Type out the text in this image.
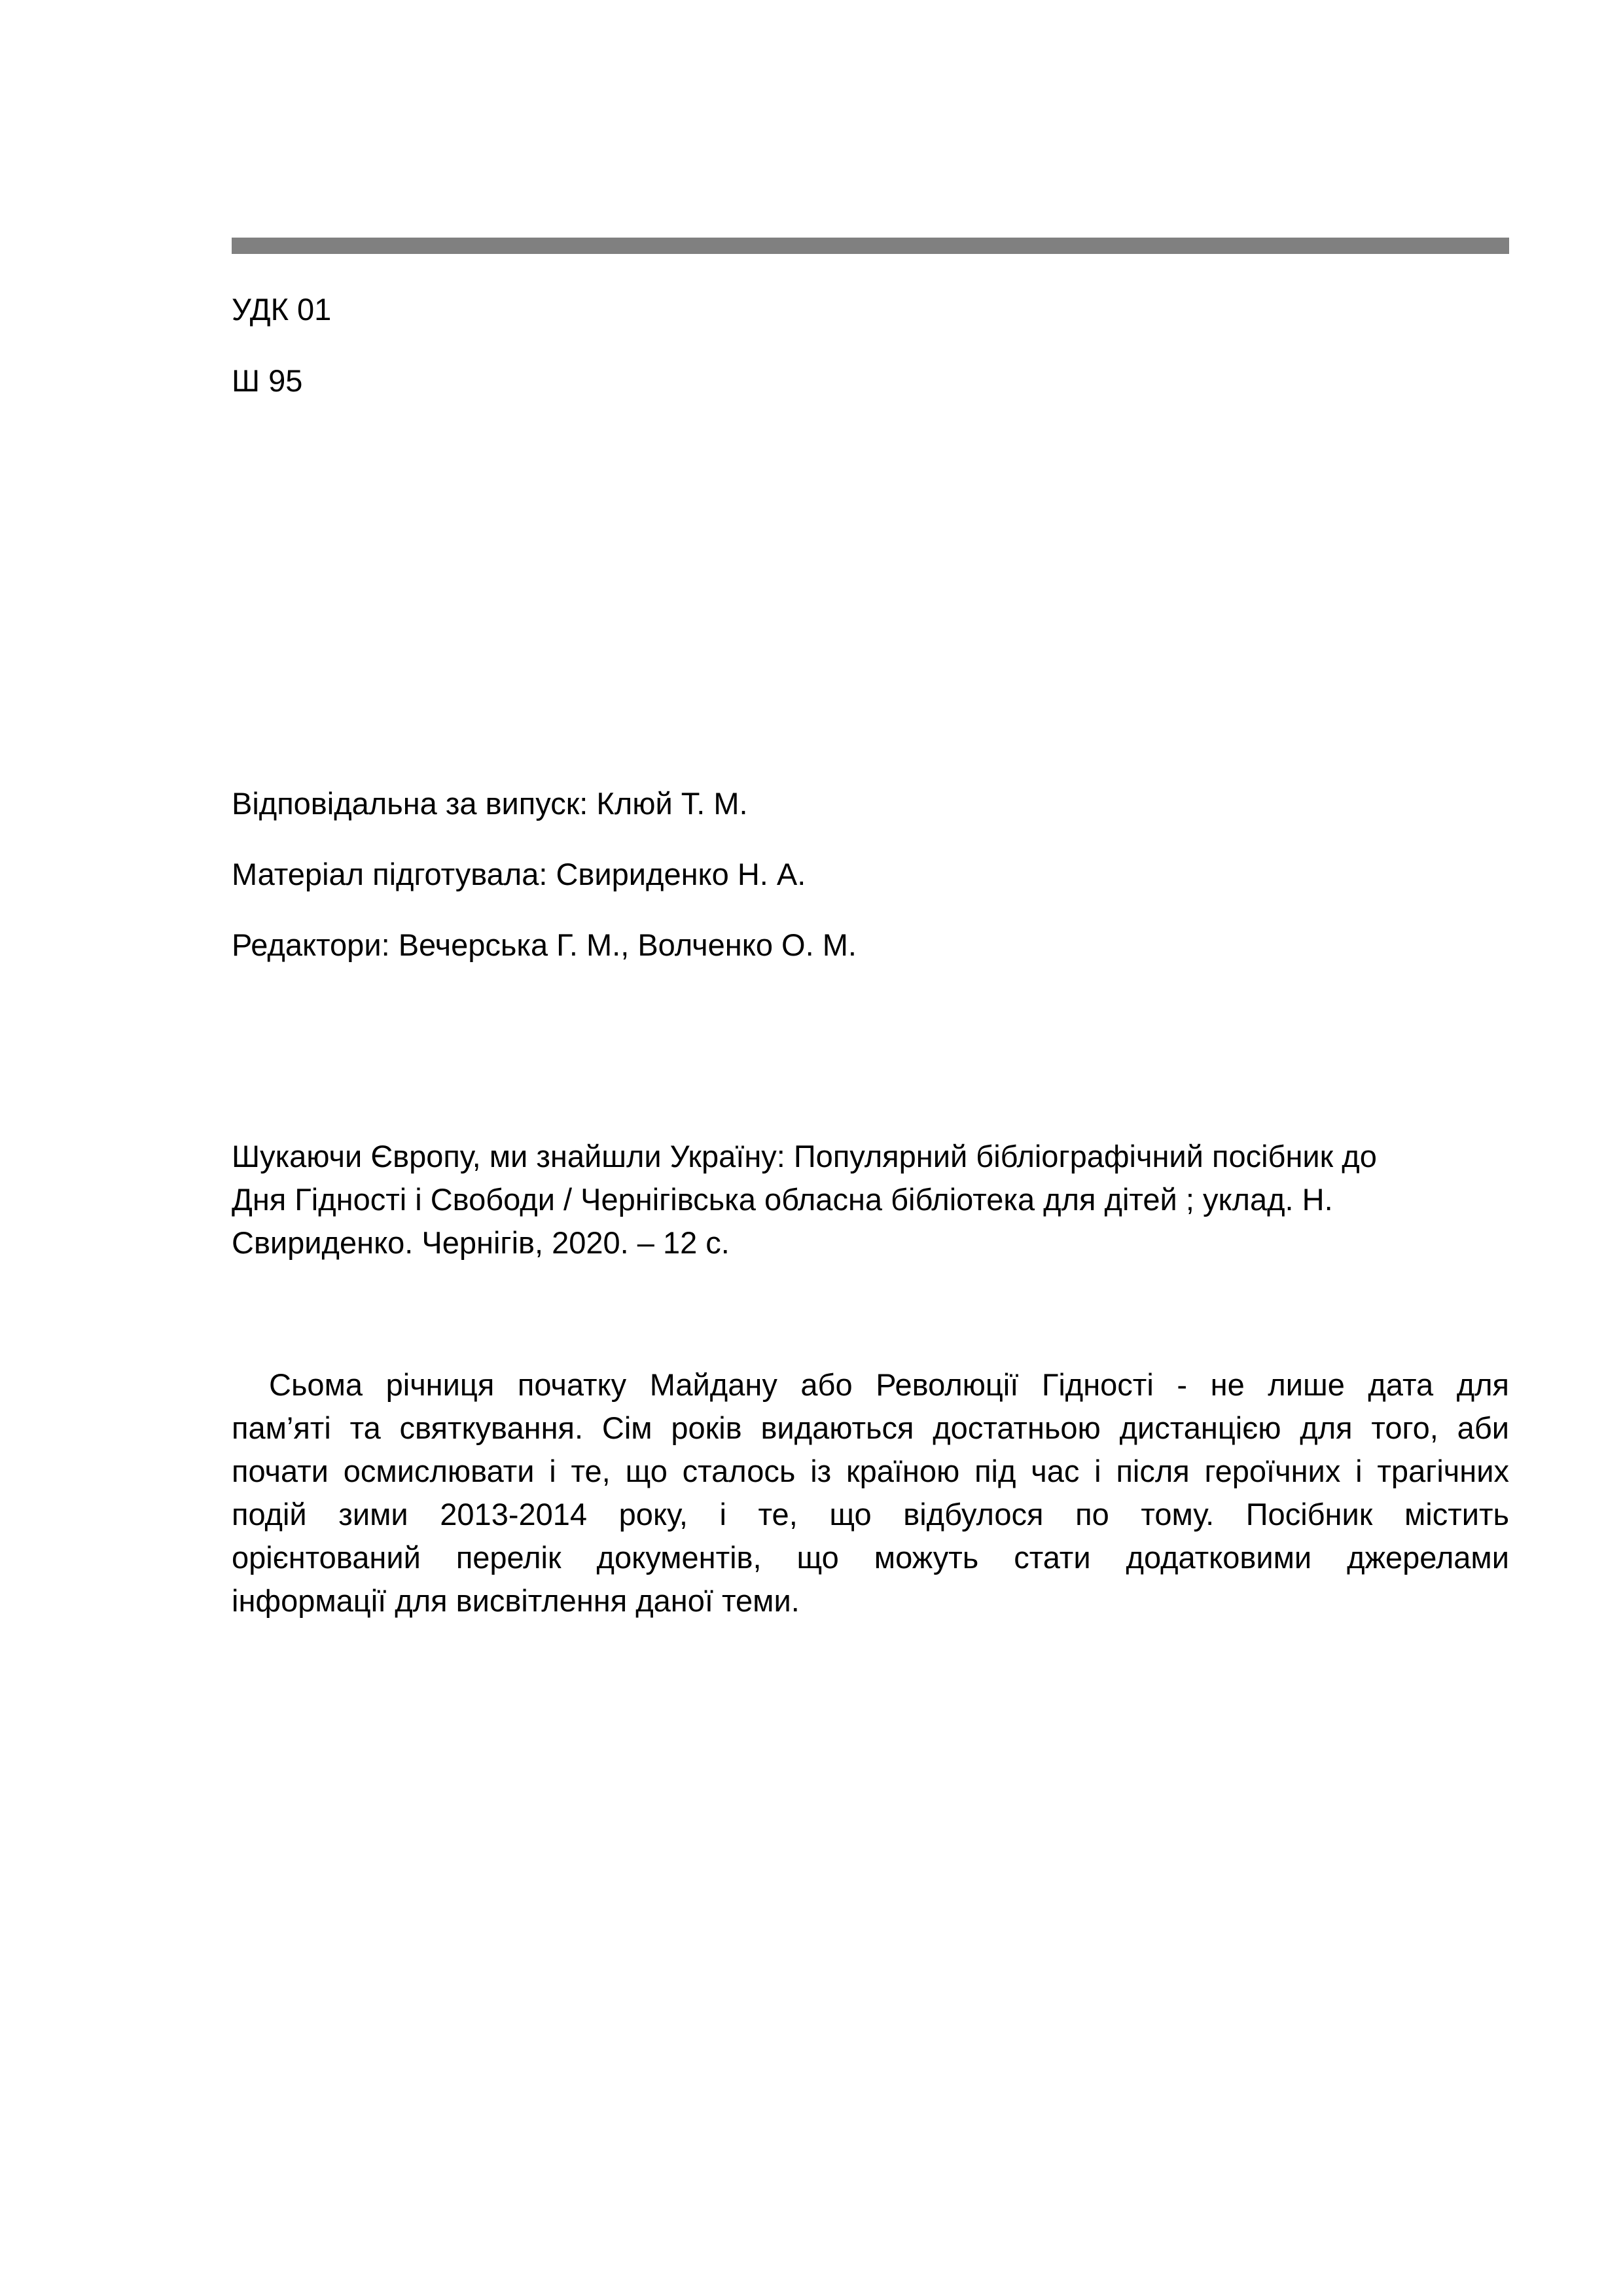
УДК 01
Ш 95
Відповідальна за випуск: Клюй Т. М.
Матеріал підготувала: Свириденко Н. А.
Редактори: Вечерська Г. М., Волченко О. М.
Шукаючи Європу, ми знайшли Україну: Популярний бібліографічний посібник до
Дня Гідності і Свободи / Чернігівська обласна бібліотека для дітей ; уклад. Н.
Свириденко. Чернігів, 2020. – 12 с.
Сьома річниця початку Майдану або Революції Гідності - не лише дата для
пам’яті та святкування. Сім років видаються достатньою дистанцією для того, аби
почати осмислювати і те, що сталось із країною під час і після героїчних і трагічних
подій зими 2013-2014 року, і те, що відбулося по тому. Посібник містить
орієнтований перелік документів, що можуть стати додатковими джерелами
інформації для висвітлення даної теми.
